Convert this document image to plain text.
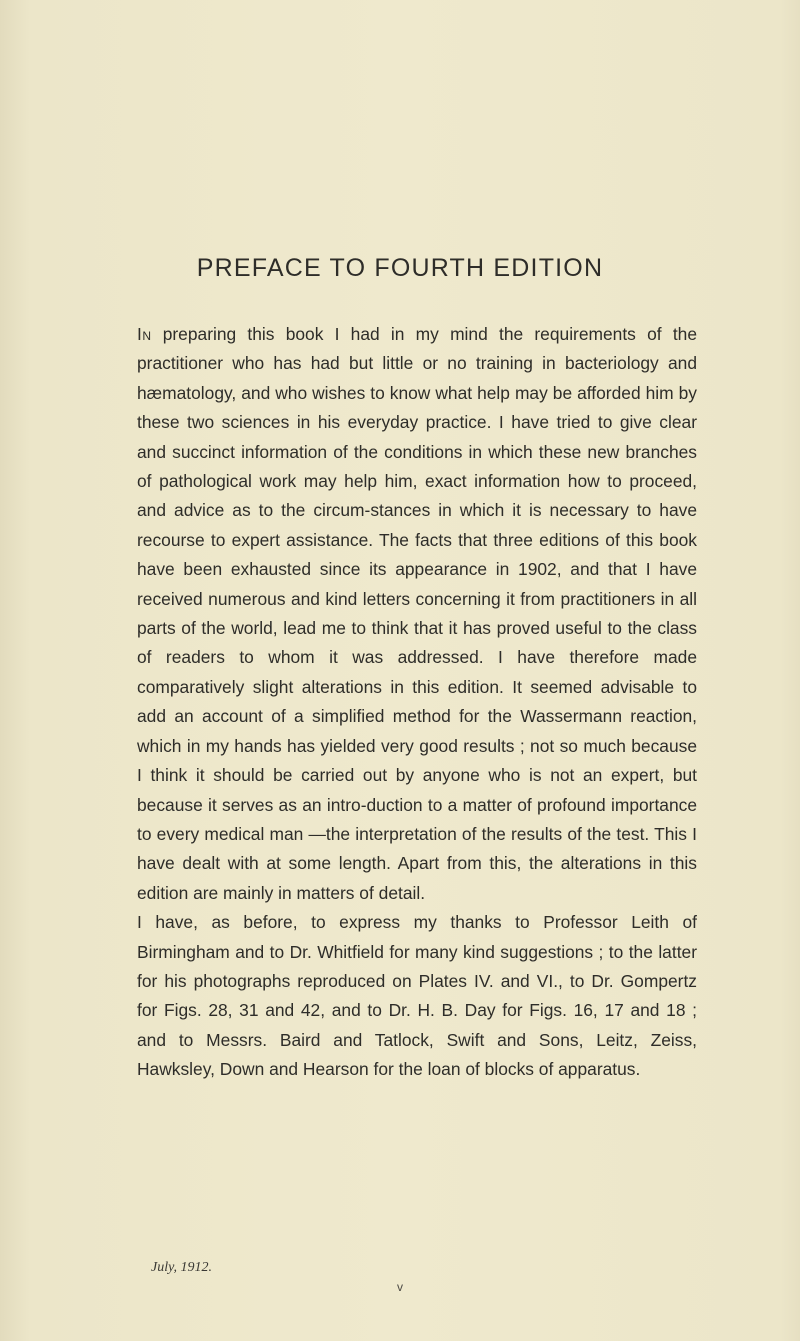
PREFACE TO FOURTH EDITION

In preparing this book I had in my mind the requirements of the practitioner who has had but little or no training in bacteriology and hæmatology, and who wishes to know what help may be afforded him by these two sciences in his everyday practice. I have tried to give clear and succinct information of the conditions in which these new branches of pathological work may help him, exact information how to proceed, and advice as to the circum-stances in which it is necessary to have recourse to expert assistance. The facts that three editions of this book have been exhausted since its appearance in 1902, and that I have received numerous and kind letters concerning it from practitioners in all parts of the world, lead me to think that it has proved useful to the class of readers to whom it was addressed. I have therefore made comparatively slight alterations in this edition. It seemed advisable to add an account of a simplified method for the Wassermann reaction, which in my hands has yielded very good results ; not so much because I think it should be carried out by anyone who is not an expert, but because it serves as an intro-duction to a matter of profound importance to every medical man —the interpretation of the results of the test. This I have dealt with at some length. Apart from this, the alterations in this edition are mainly in matters of detail.

I have, as before, to express my thanks to Professor Leith of Birmingham and to Dr. Whitfield for many kind suggestions ; to the latter for his photographs reproduced on Plates IV. and VI., to Dr. Gompertz for Figs. 28, 31 and 42, and to Dr. H. B. Day for Figs. 16, 17 and 18 ; and to Messrs. Baird and Tatlock, Swift and Sons, Leitz, Zeiss, Hawksley, Down and Hearson for the loan of blocks of apparatus.

July, 1912.
v
